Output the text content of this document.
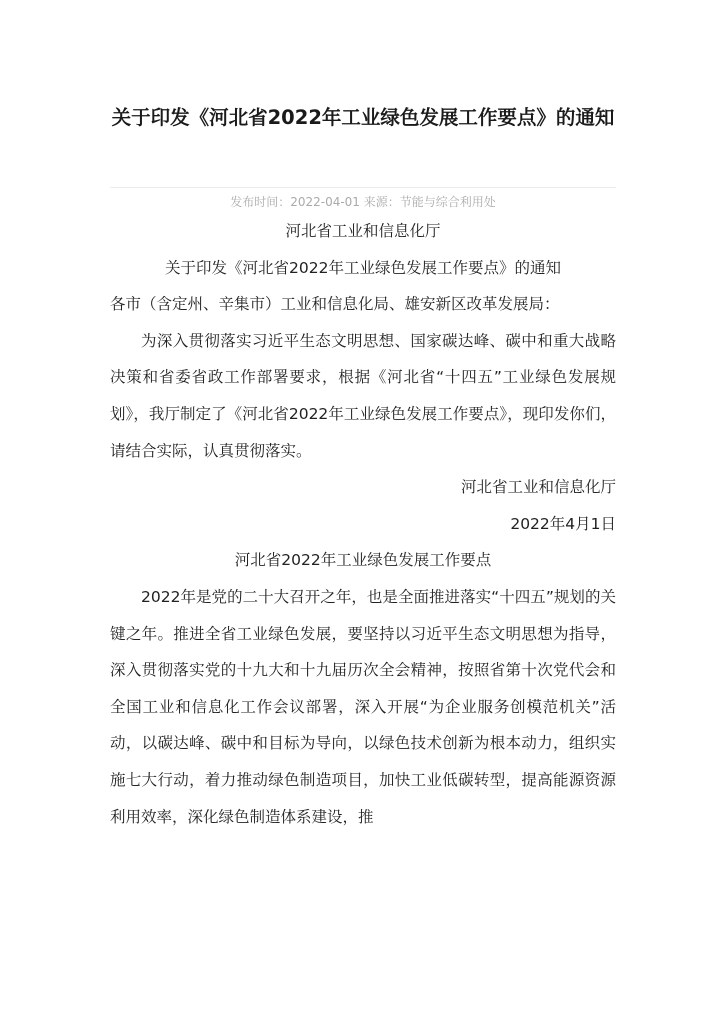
关于印发《河北省2022年工业绿色发展工作要点》的通知
发布时间：2022-04-01 来源：节能与综合利用处

河北省工业和信息化厅

关于印发《河北省2022年工业绿色发展工作要点》的通知

各市（含定州、辛集市）工业和信息化局、雄安新区改革发展局：

为深入贯彻落实习近平生态文明思想、国家碳达峰、碳中和重大战略决策和省委省政工作部署要求，根据《河北省“十四五”工业绿色发展规划》，我厅制定了《河北省2022年工业绿色发展工作要点》，现印发你们，请结合实际，认真贯彻落实。

河北省工业和信息化厅

2022年4月1日

河北省2022年工业绿色发展工作要点

2022年是党的二十大召开之年，也是全面推进落实“十四五”规划的关键之年。推进全省工业绿色发展，要坚持以习近平生态文明思想为指导，深入贯彻落实党的十九大和十九届历次全会精神，按照省第十次党代会和全国工业和信息化工作会议部署，深入开展“为企业服务创模范机关”活动，以碳达峰、碳中和目标为导向，以绿色技术创新为根本动力，组织实施七大行动，着力推动绿色制造项目，加快工业低碳转型，提高能源资源利用效率，深化绿色制造体系建设，推
